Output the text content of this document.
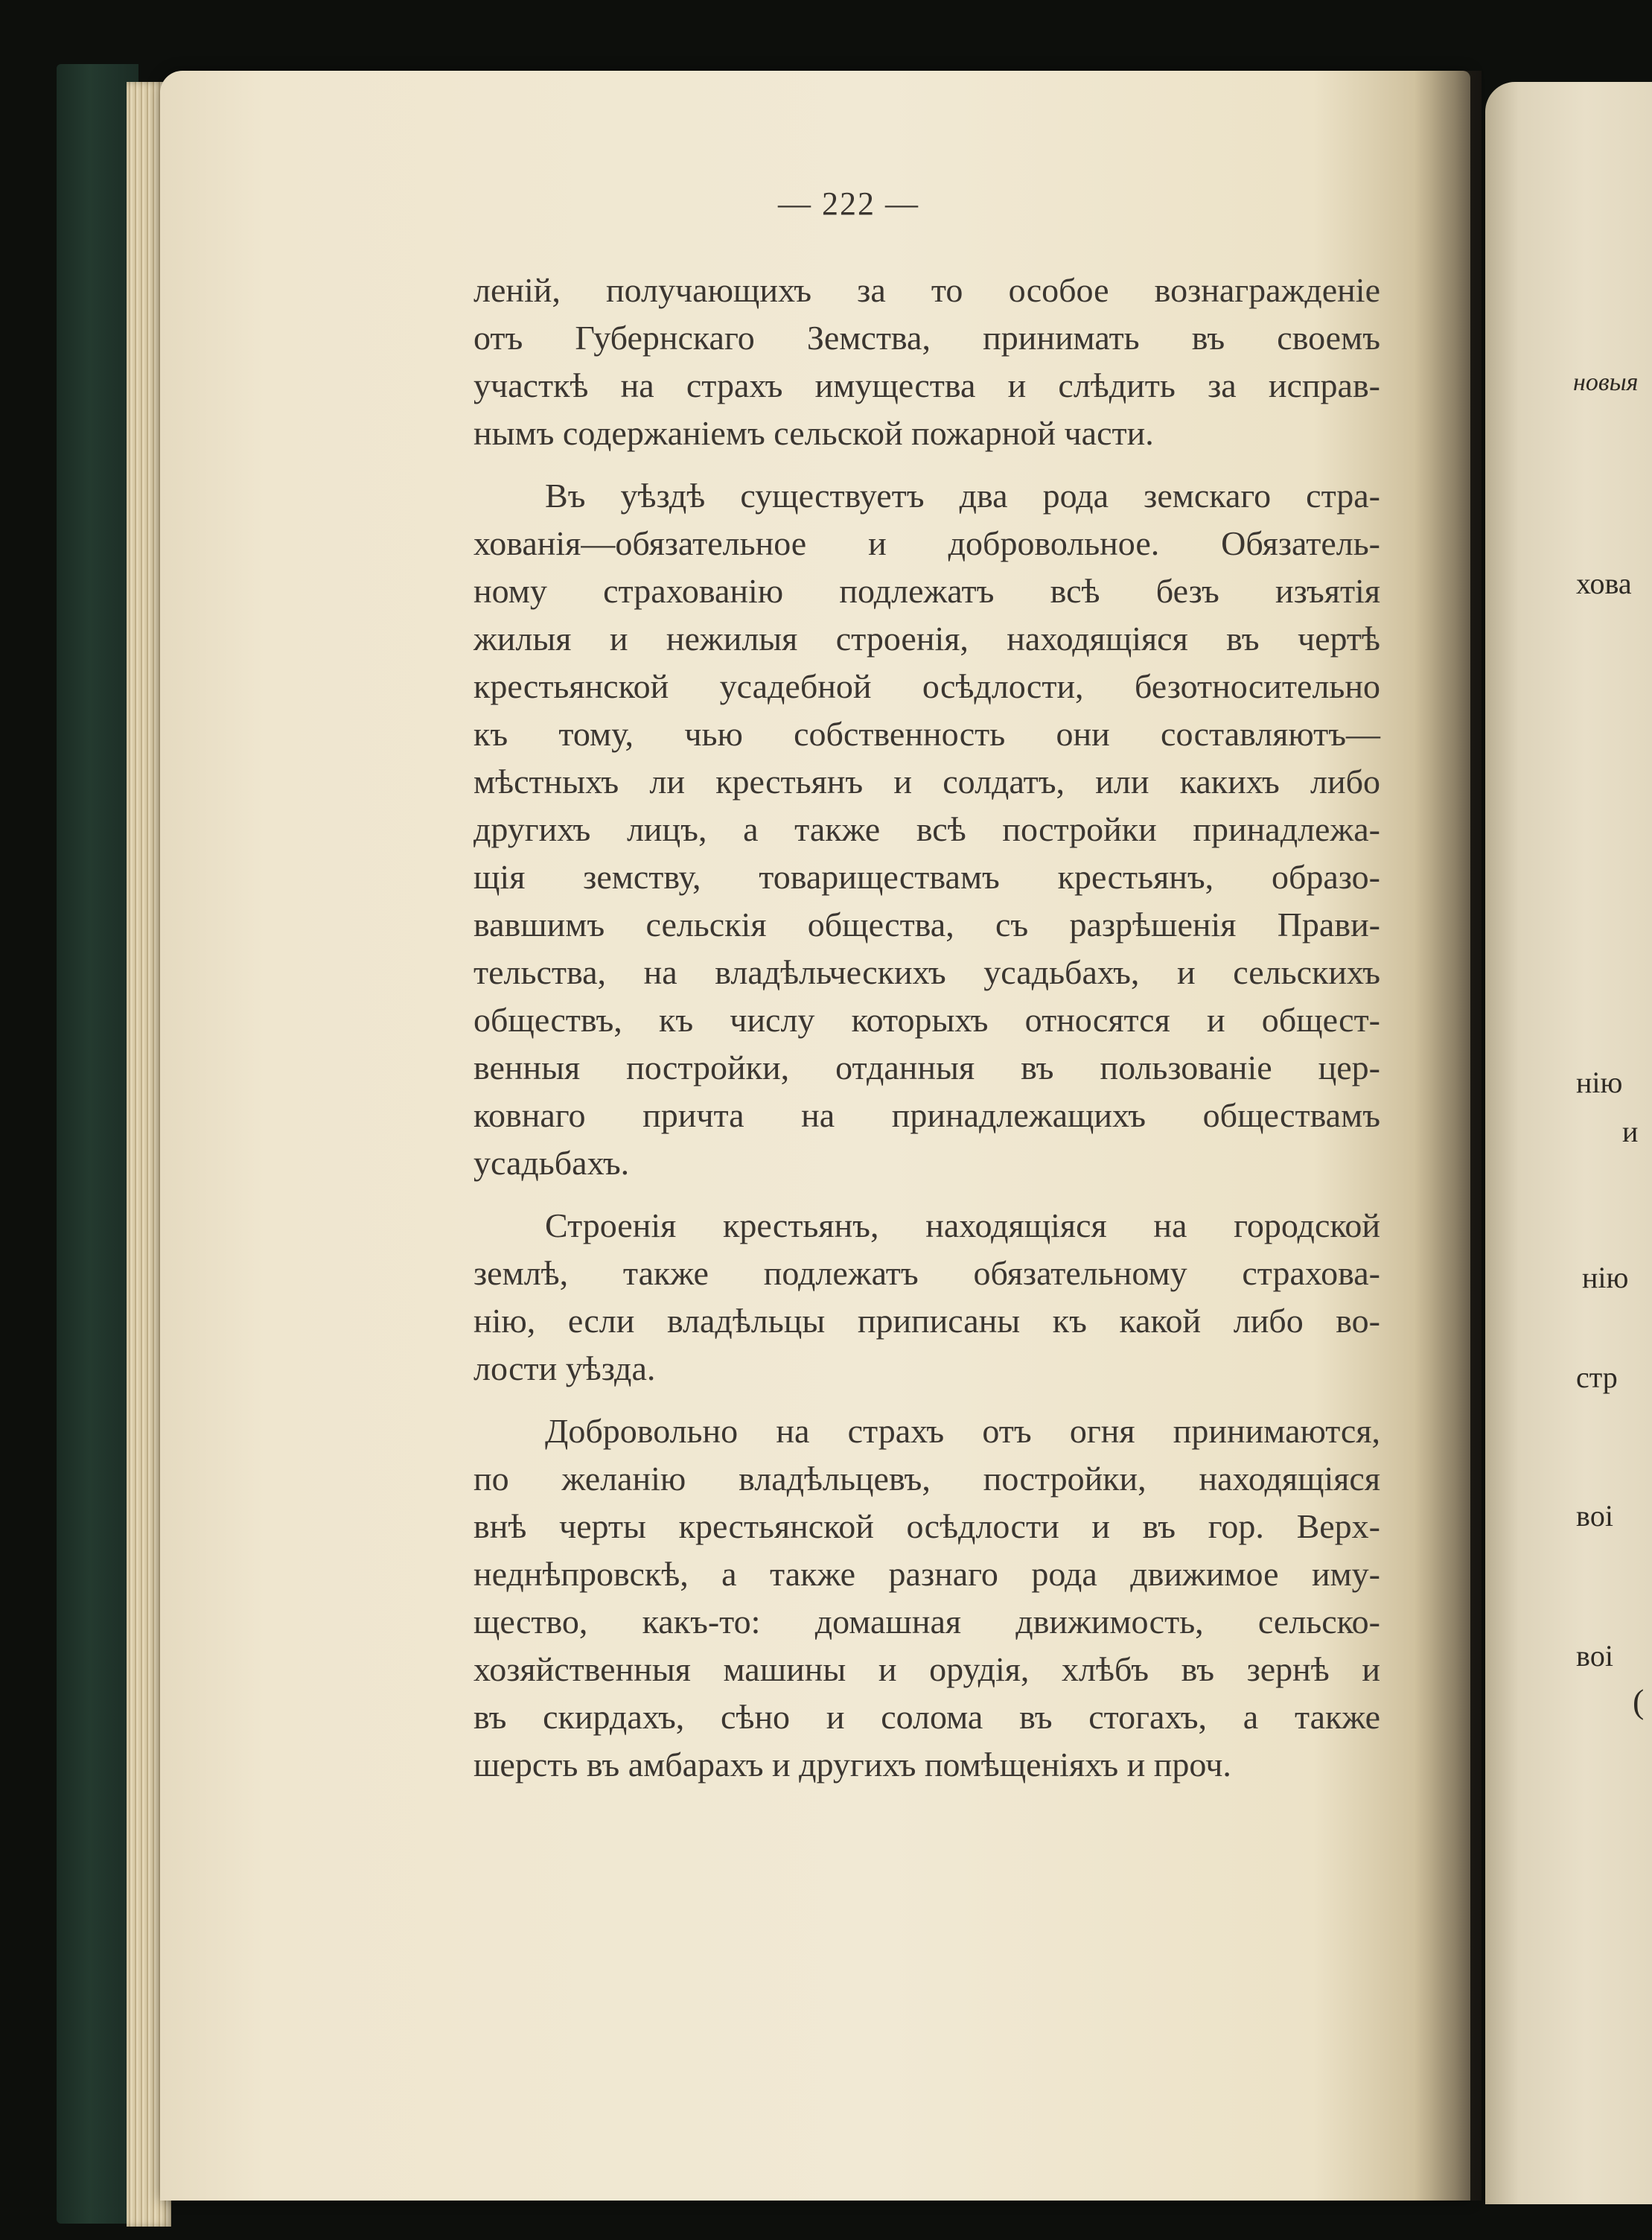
новыя
хова
нію
и
нію
стр
вoi
вoi
(
— 222 —
леній, получающихъ за то особое вознагражденіе
отъ Губернскаго Земства, принимать въ своемъ
участкѣ на страхъ имущества и слѣдить за исправ-
нымъ содержаніемъ сельской пожарной части.
Въ уѣздѣ существуетъ два рода земскаго стра-
хованія—обязательное и добровольное. Обязатель-
ному страхованію подлежатъ всѣ безъ изъятія
жилыя и нежилыя строенія, находящіяся въ чертѣ
крестьянской усадебной осѣдлости, безотносительно
къ тому, чью собственность они составляютъ—
мѣстныхъ ли крестьянъ и солдатъ, или какихъ либо
другихъ лицъ, а также всѣ постройки принадлежа-
щія земству, товариществамъ крестьянъ, образо-
вавшимъ сельскія общества, съ разрѣшенія Прави-
тельства, на владѣльческихъ усадьбахъ, и сельскихъ
обществъ, къ числу которыхъ относятся и общест-
венныя постройки, отданныя въ пользованіе цер-
ковнаго причта на принадлежащихъ обществамъ
усадьбахъ.
Строенія крестьянъ, находящіяся на городской
землѣ, также подлежатъ обязательному страхова-
нію, если владѣльцы приписаны къ какой либо во-
лости уѣзда.
Добровольно на страхъ отъ огня принимаются,
по желанію владѣльцевъ, постройки, находящіяся
внѣ черты крестьянской осѣдлости и въ гор. Верх-
неднѣпровскѣ, а также разнаго рода движимое иму-
щество, какъ-то: домашная движимость, сельско-
хозяйственныя машины и орудія, хлѣбъ въ зернѣ и
въ скирдахъ, сѣно и солома въ стогахъ, а также
шерсть въ амбарахъ и другихъ помѣщеніяхъ и проч.
